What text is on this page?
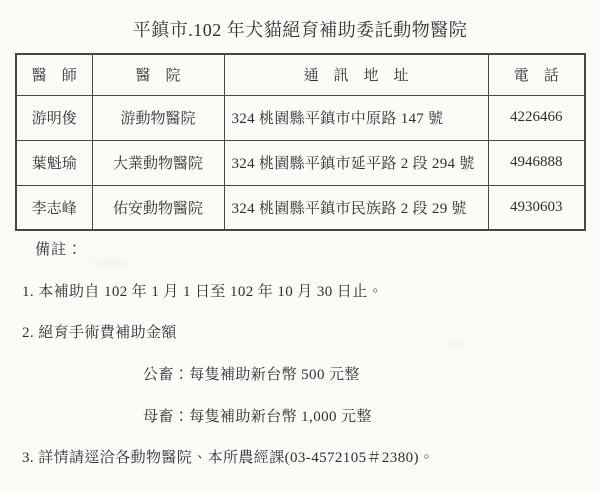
平鎮市.102 年犬貓絕育補助委託動物醫院
醫　師	醫　院	通　訊　地　址	電　話
游明俊	游動物醫院	324 桃園縣平鎮市中原路 147 號	4226466
葉魁瑜	大業動物醫院	324 桃園縣平鎮市延平路 2 段 294 號	4946888
李志峰	佑安動物醫院	324 桃園縣平鎮市民族路 2 段 29 號	4930603
備註：
1. 本補助自 102 年 1 月 1 日至 102 年 10 月 30 日止。
2. 絕育手術費補助金額
公畜：每隻補助新台幣 500 元整
母畜：每隻補助新台幣 1,000 元整
3. 詳情請逕洽各動物醫院、本所農經課(03-4572105＃2380)。
